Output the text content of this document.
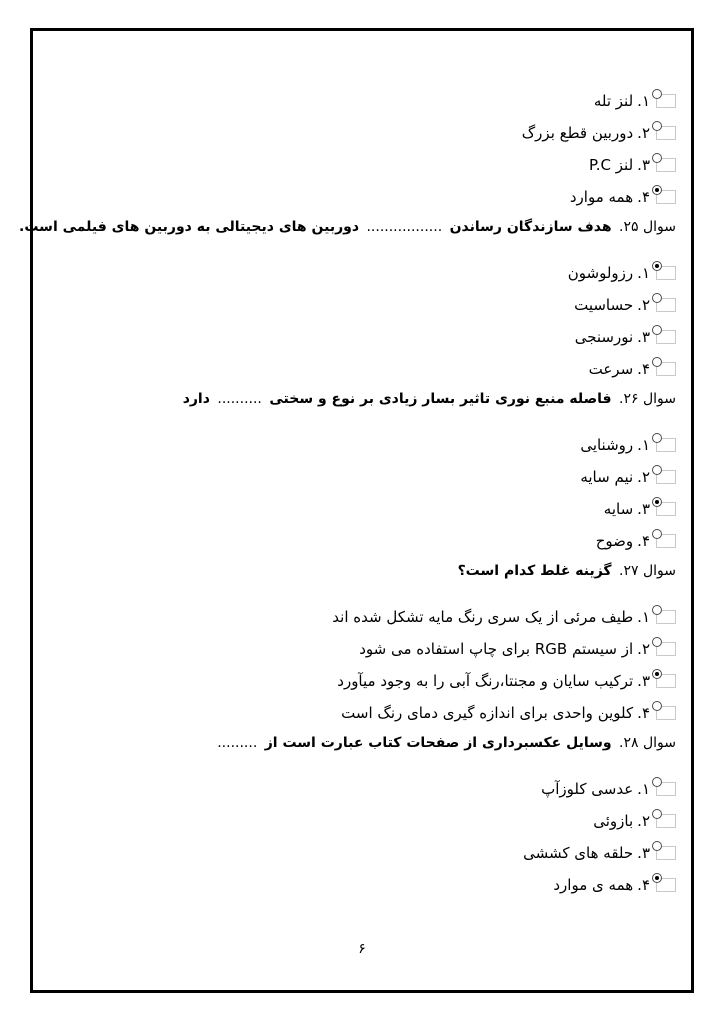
۱.لنز تله
۲.دوربین قطع بزرگ
۳.لنز P.C
۴.همه موارد
سوال ۲۵. هدف سازندگان رساندن ................. دوربین های دیجیتالی به دوربین های فیلمی است.
۱.رزولوشون
۲.حساسیت
۳.نورسنجی
۴.سرعت
سوال ۲۶. فاصله منبع نوری تاثیر بسار زیادی بر نوع و سختی .......... دارد
۱.روشنایی
۲.نیم سایه
۳.سایه
۴.وضوح
سوال ۲۷. گزینه غلط کدام است؟
۱.طیف مرئی از یک سری رنگ مایه تشکل شده اند
۲.از سیستم RGB برای چاپ استفاده می شود
۳.ترکیب سایان و مجنتا،رنگ آبی را به وجود میآورد
۴.کلوین واحدی برای اندازه گیری دمای رنگ است
سوال ۲۸. وسایل عکسبرداری از صفحات کتاب عبارت است از .........
۱.عدسی کلوزآپ
۲.بازوئی
۳.حلقه های کششی
۴.همه ی موارد
۶
